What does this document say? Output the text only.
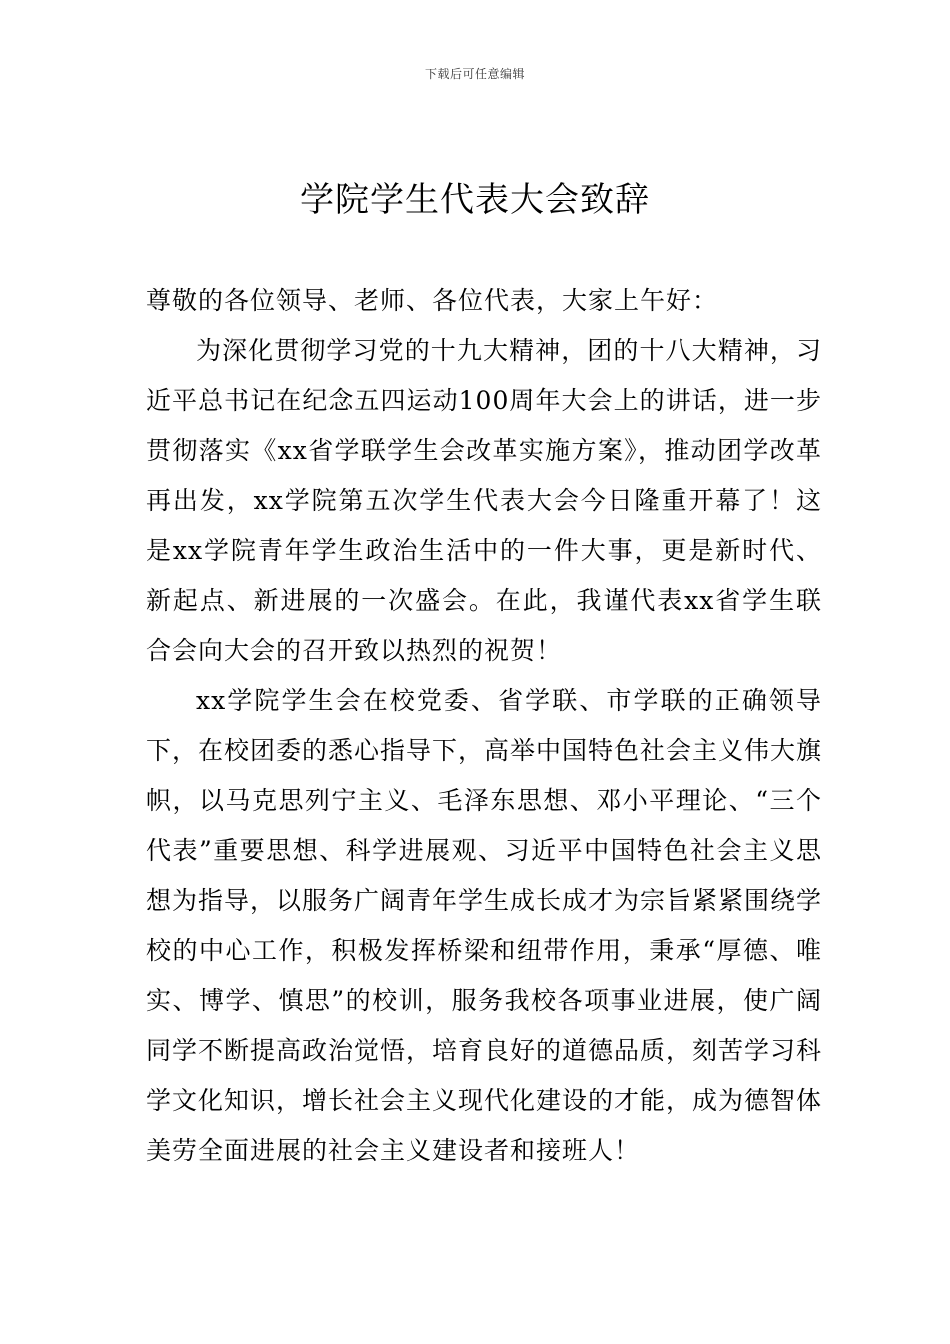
下载后可任意编辑
学院学生代表大会致辞

尊敬的各位领导、老师、各位代表，大家上午好：

为深化贯彻学习党的十九大精神，团的十八大精神，习近平总书记在纪念五四运动100周年大会上的讲话，进一步贯彻落实《xx省学联学生会改革实施方案》，推动团学改革再出发，xx学院第五次学生代表大会今日隆重开幕了！这是xx学院青年学生政治生活中的一件大事，更是新时代、新起点、新进展的一次盛会。在此，我谨代表xx省学生联合会向大会的召开致以热烈的祝贺！

xx学院学生会在校党委、省学联、市学联的正确领导下，在校团委的悉心指导下，高举中国特色社会主义伟大旗帜，以马克思列宁主义、毛泽东思想、邓小平理论、“三个代表”重要思想、科学进展观、习近平中国特色社会主义思想为指导，以服务广阔青年学生成长成才为宗旨紧紧围绕学校的中心工作，积极发挥桥梁和纽带作用，秉承“厚德、唯实、博学、慎思”的校训，服务我校各项事业进展，使广阔同学不断提高政治觉悟，培育良好的道德品质，刻苦学习科学文化知识，增长社会主义现代化建设的才能，成为德智体美劳全面进展的社会主义建设者和接班人！
